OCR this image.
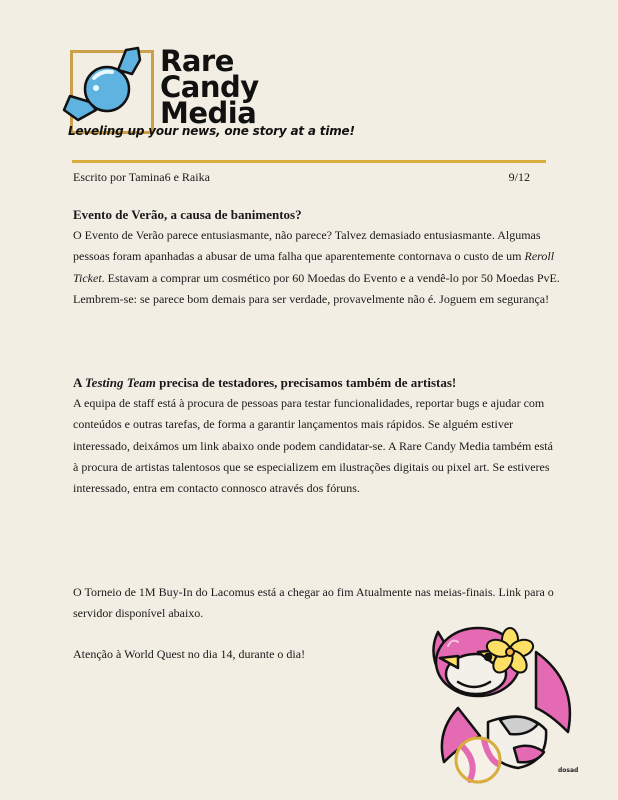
Rare
Candy
Media
Leveling up your news, one story at a time!
Escrito por Tamina6 e Raika	9/12
Evento de Verão, a causa de banimentos?

O Evento de Verão parece entusiasmante, não parece? Talvez demasiado entusiasmante. Algumas pessoas foram apanhadas a abusar de uma falha que aparentemente contornava o custo de um Reroll Ticket. Estavam a comprar um cosmético por 60 Moedas do Evento e a vendê-lo por 50 Moedas PvE. Lembrem-se: se parece bom demais para ser verdade, provavelmente não é. Joguem em segurança!

A Testing Team precisa de testadores, precisamos também de artistas!

A equipa de staff está à procura de pessoas para testar funcionalidades, reportar bugs e ajudar com conteúdos e outras tarefas, de forma a garantir lançamentos mais rápidos. Se alguém estiver interessado, deixámos um link abaixo onde podem candidatar-se. A Rare Candy Media também está à procura de artistas talentosos que se especializem em ilustrações digitais ou pixel art. Se estiveres interessado, entra em contacto connosco através dos fóruns.

O Torneio de 1M Buy-In do Lacomus está a chegar ao fim Atualmente nas meias-finais. Link para o servidor disponível abaixo.

Atenção à World Quest no dia 14, durante o dia!

dosad
